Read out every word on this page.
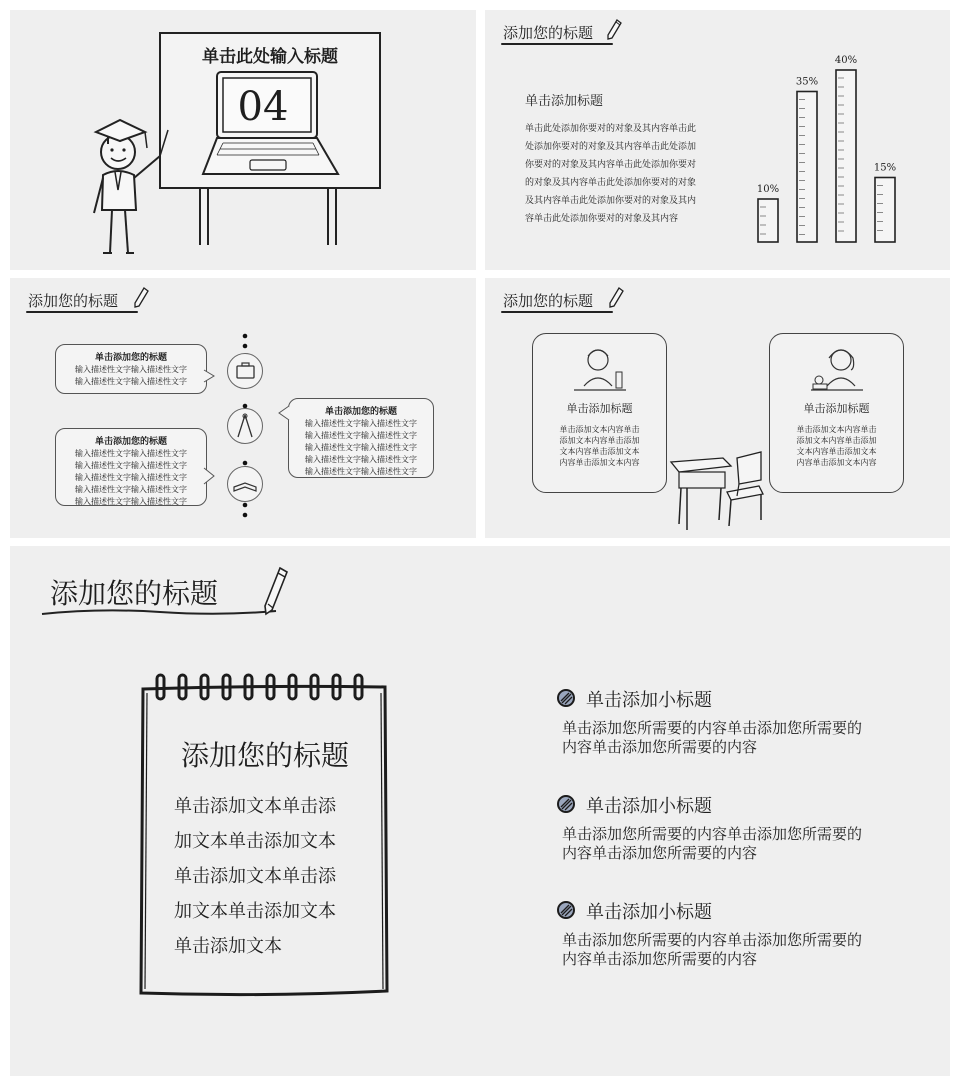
单击此处输入标题
04
添加您的标题
单击添加标题
单击此处添加你要对的对象及其内容单击此
处添加你要对的对象及其内容单击此处添加
你要对的对象及其内容单击此处添加你要对
的对象及其内容单击此处添加你要对的对象
及其内容单击此处添加你要对的对象及其内
容单击此处添加你要对的对象及其内容
10%
35%
40%
15%
添加您的标题
单击添加您的标题
输入描述性文字输入描述性文字
输入描述性文字输入描述性文字
单击添加您的标题
输入描述性文字输入描述性文字
输入描述性文字输入描述性文字
输入描述性文字输入描述性文字
输入描述性文字输入描述性文字
输入描述性文字输入描述性文字
单击添加您的标题
输入描述性文字输入描述性文字
输入描述性文字输入描述性文字
输入描述性文字输入描述性文字
输入描述性文字输入描述性文字
输入描述性文字输入描述性文字
添加您的标题
单击添加标题
单击添加文本内容单击
添加文本内容单击添加
文本内容单击添加文本
内容单击添加文本内容
单击添加标题
单击添加文本内容单击
添加文本内容单击添加
文本内容单击添加文本
内容单击添加文本内容
添加您的标题
添加您的标题
单击添加文本单击添
加文本单击添加文本
单击添加文本单击添
加文本单击添加文本
单击添加文本
单击添加小标题
单击添加您所需要的内容单击添加您所需要的
内容单击添加您所需要的内容
单击添加小标题
单击添加您所需要的内容单击添加您所需要的
内容单击添加您所需要的内容
单击添加小标题
单击添加您所需要的内容单击添加您所需要的
内容单击添加您所需要的内容
